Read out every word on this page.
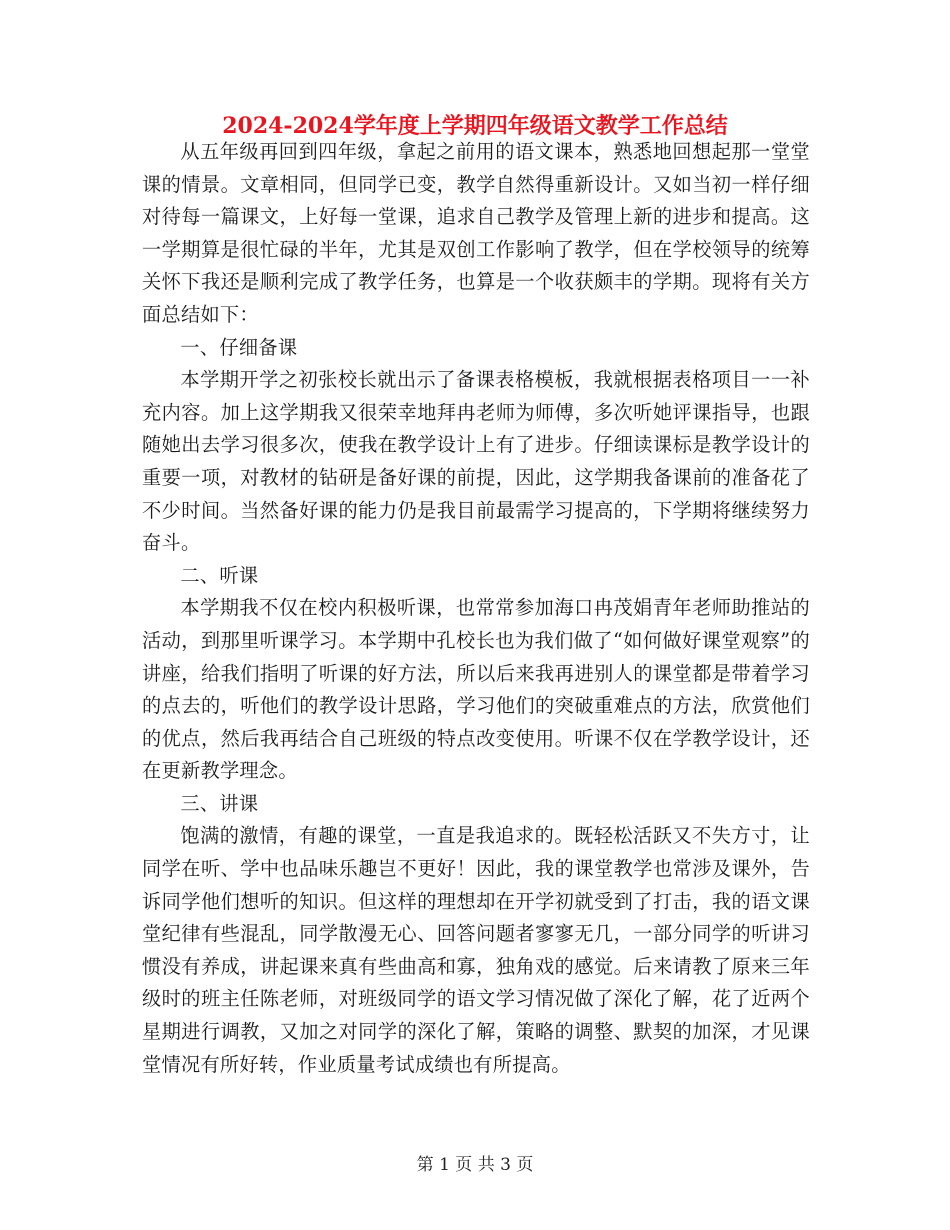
2024-2024学年度上学期四年级语文教学工作总结

从五年级再回到四年级，拿起之前用的语文课本，熟悉地回想起那一堂堂课的情景。文章相同，但同学已变，教学自然得重新设计。又如当初一样仔细对待每一篇课文，上好每一堂课，追求自己教学及管理上新的进步和提高。这一学期算是很忙碌的半年，尤其是双创工作影响了教学，但在学校领导的统筹关怀下我还是顺利完成了教学任务，也算是一个收获颇丰的学期。现将有关方面总结如下：

一、仔细备课

本学期开学之初张校长就出示了备课表格模板，我就根据表格项目一一补充内容。加上这学期我又很荣幸地拜冉老师为师傅，多次听她评课指导，也跟随她出去学习很多次，使我在教学设计上有了进步。仔细读课标是教学设计的重要一项，对教材的钻研是备好课的前提，因此，这学期我备课前的准备花了不少时间。当然备好课的能力仍是我目前最需学习提高的，下学期将继续努力奋斗。

二、听课

本学期我不仅在校内积极听课，也常常参加海口冉茂娟青年老师助推站的活动，到那里听课学习。本学期中孔校长也为我们做了“如何做好课堂观察”的讲座，给我们指明了听课的好方法，所以后来我再进别人的课堂都是带着学习的点去的，听他们的教学设计思路，学习他们的突破重难点的方法，欣赏他们的优点，然后我再结合自己班级的特点改变使用。听课不仅在学教学设计，还在更新教学理念。

三、讲课

饱满的激情，有趣的课堂，一直是我追求的。既轻松活跃又不失方寸，让同学在听、学中也品味乐趣岂不更好！因此，我的课堂教学也常涉及课外，告诉同学他们想听的知识。但这样的理想却在开学初就受到了打击，我的语文课堂纪律有些混乱，同学散漫无心、回答问题者寥寥无几，一部分同学的听讲习惯没有养成，讲起课来真有些曲高和寡，独角戏的感觉。后来请教了原来三年级时的班主任陈老师，对班级同学的语文学习情况做了深化了解，花了近两个星期进行调教，又加之对同学的深化了解，策略的调整、默契的加深，才见课堂情况有所好转，作业质量考试成绩也有所提高。

第 1 页 共 3 页
